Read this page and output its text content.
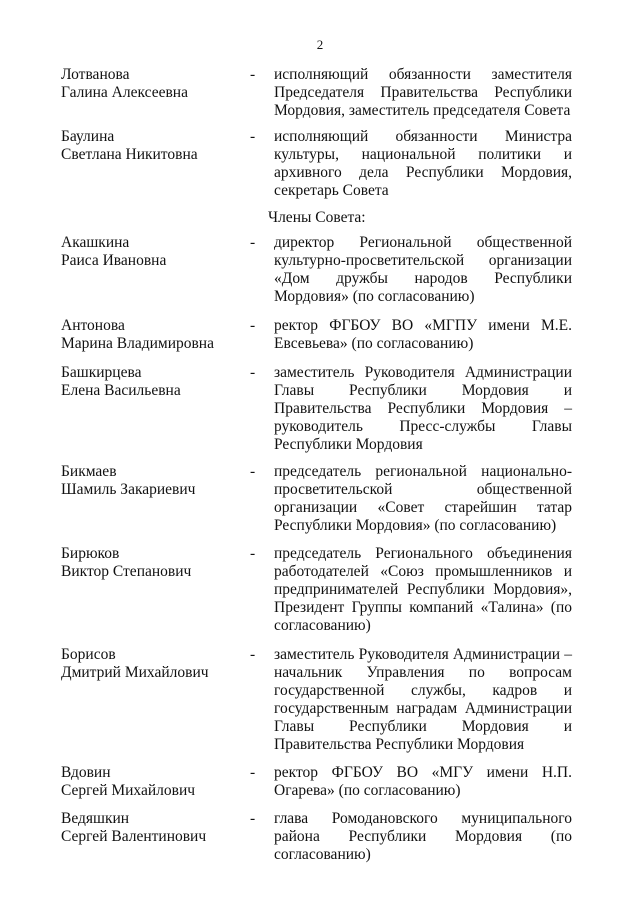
2
Лотванова
Галина Алексеевна
- исполняющий обязанности заместителя Председателя Правительства Республики Мордовия, заместитель председателя Совета
Баулина
Светлана Никитовна
- исполняющий обязанности Министра культуры, национальной политики и архивного дела Республики Мордовия, секретарь Совета
Члены Совета:
Акашкина
Раиса Ивановна
- директор Региональной общественной культурно-просветительской организации «Дом дружбы народов Республики Мордовия» (по согласованию)
Антонова
Марина Владимировна
- ректор ФГБОУ ВО «МГПУ имени М.Е. Евсевьева» (по согласованию)
Башкирцева
Елена Васильевна
- заместитель Руководителя Администрации Главы Республики Мордовия и Правительства Республики Мордовия – руководитель Пресс-службы Главы Республики Мордовия
Бикмаев
Шамиль Закариевич
- председатель региональной национально-просветительской общественной организации «Совет старейшин татар Республики Мордовия» (по согласованию)
Бирюков
Виктор Степанович
- председатель Регионального объединения работодателей «Союз промышленников и предпринимателей Республики Мордовия», Президент Группы компаний «Талина» (по согласованию)
Борисов
Дмитрий Михайлович
- заместитель Руководителя Администрации – начальник Управления по вопросам государственной службы, кадров и государственным наградам Администрации Главы Республики Мордовия и Правительства Республики Мордовия
Вдовин
Сергей Михайлович
- ректор ФГБОУ ВО «МГУ имени Н.П. Огарева» (по согласованию)
Ведяшкин
Сергей Валентинович
- глава Ромодановского муниципального района Республики Мордовия (по согласованию)
